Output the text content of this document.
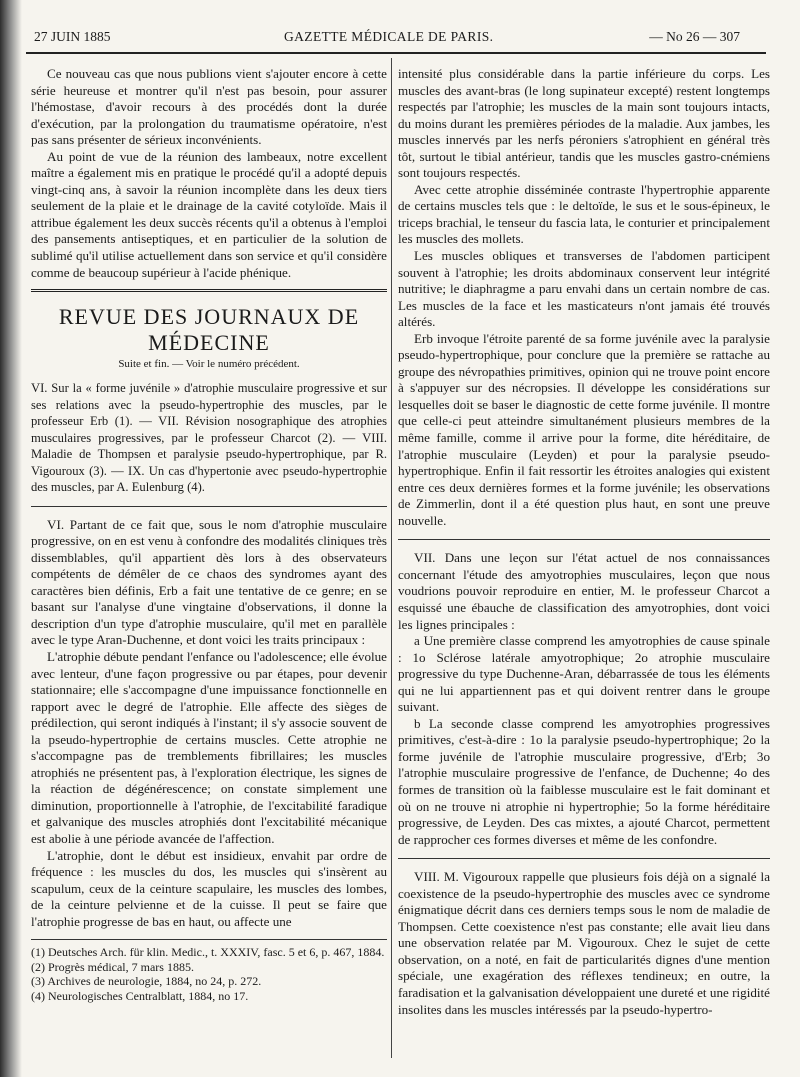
27 JUIN 1885	GAZETTE MÉDICALE DE PARIS.	— No 26 — 307

Ce nouveau cas que nous publions vient s'ajouter encore à cette série heureuse et montrer qu'il n'est pas besoin, pour assurer l'hémostase, d'avoir recours à des procédés dont la durée d'exécution, par la prolongation du traumatisme opératoire, n'est pas sans présenter de sérieux inconvénients.

Au point de vue de la réunion des lambeaux, notre excellent maître a également mis en pratique le procédé qu'il a adopté depuis vingt-cinq ans, à savoir la réunion incomplète dans les deux tiers seulement de la plaie et le drainage de la cavité cotyloïde. Mais il attribue également les deux succès récents qu'il a obtenus à l'emploi des pansements antiseptiques, et en particulier de la solution de sublimé qu'il utilise actuellement dans son service et qu'il considère comme de beaucoup supérieur à l'acide phénique.

REVUE DES JOURNAUX DE MÉDECINE
Suite et fin. — Voir le numéro précédent.

VI. Sur la « forme juvénile » d'atrophie musculaire progressive et sur ses relations avec la pseudo-hypertrophie des muscles, par le professeur Erb (1). — VII. Révision nosographique des atrophies musculaires progressives, par le professeur Charcot (2). — VIII. Maladie de Thompsen et paralysie pseudo-hypertrophique, par R. Vigouroux (3). — IX. Un cas d'hypertonie avec pseudo-hypertrophie des muscles, par A. Eulenburg (4).

VI. Partant de ce fait que, sous le nom d'atrophie musculaire progressive, on en est venu à confondre des modalités cliniques très dissemblables, qu'il appartient dès lors à des observateurs compétents de démêler de ce chaos des syndromes ayant des caractères bien définis, Erb a fait une tentative de ce genre; en se basant sur l'analyse d'une vingtaine d'observations, il donne la description d'un type d'atrophie musculaire, qu'il met en parallèle avec le type Aran-Duchenne, et dont voici les traits principaux :

L'atrophie débute pendant l'enfance ou l'adolescence; elle évolue avec lenteur, d'une façon progressive ou par étapes, pour devenir stationnaire; elle s'accompagne d'une impuissance fonctionnelle en rapport avec le degré de l'atrophie. Elle affecte des sièges de prédilection, qui seront indiqués à l'instant; il s'y associe souvent de la pseudo-hypertrophie de certains muscles. Cette atrophie ne s'accompagne pas de tremblements fibrillaires; les muscles atrophiés ne présentent pas, à l'exploration électrique, les signes de la réaction de dégénérescence; on constate simplement une diminution, proportionnelle à l'atrophie, de l'excitabilité faradique et galvanique des muscles atrophiés dont l'excitabilité mécanique est abolie à une période avancée de l'affection.

L'atrophie, dont le début est insidieux, envahit par ordre de fréquence : les muscles du dos, les muscles qui s'insèrent au scapulum, ceux de la ceinture scapulaire, les muscles des lombes, de la ceinture pelvienne et de la cuisse. Il peut se faire que l'atrophie progresse de bas en haut, ou affecte une

(1) Deutsches Arch. für klin. Medic., t. XXXIV, fasc. 5 et 6, p. 467, 1884.

(2) Progrès médical, 7 mars 1885.

(3) Archives de neurologie, 1884, no 24, p. 272.

(4) Neurologisches Centralblatt, 1884, no 17.

intensité plus considérable dans la partie inférieure du corps. Les muscles des avant-bras (le long supinateur excepté) restent longtemps respectés par l'atrophie; les muscles de la main sont toujours intacts, du moins durant les premières périodes de la maladie. Aux jambes, les muscles innervés par les nerfs péroniers s'atrophient en général très tôt, surtout le tibial antérieur, tandis que les muscles gastro-cnémiens sont toujours respectés.

Avec cette atrophie disséminée contraste l'hypertrophie apparente de certains muscles tels que : le deltoïde, le sus et le sous-épineux, le triceps brachial, le tenseur du fascia lata, le conturier et principalement les muscles des mollets.

Les muscles obliques et transverses de l'abdomen participent souvent à l'atrophie; les droits abdominaux conservent leur intégrité nutritive; le diaphragme a paru envahi dans un certain nombre de cas. Les muscles de la face et les masticateurs n'ont jamais été trouvés altérés.

Erb invoque l'étroite parenté de sa forme juvénile avec la paralysie pseudo-hypertrophique, pour conclure que la première se rattache au groupe des névropathies primitives, opinion qui ne trouve point encore à s'appuyer sur des nécropsies. Il développe les considérations sur lesquelles doit se baser le diagnostic de cette forme juvénile. Il montre que celle-ci peut atteindre simultanément plusieurs membres de la même famille, comme il arrive pour la forme, dite héréditaire, de l'atrophie musculaire (Leyden) et pour la paralysie pseudo-hypertrophique. Enfin il fait ressortir les étroites analogies qui existent entre ces deux dernières formes et la forme juvénile; les observations de Zimmerlin, dont il a été question plus haut, en sont une preuve nouvelle.

VII. Dans une leçon sur l'état actuel de nos connaissances concernant l'étude des amyotrophies musculaires, leçon que nous voudrions pouvoir reproduire en entier, M. le professeur Charcot a esquissé une ébauche de classification des amyotrophies, dont voici les lignes principales :

a Une première classe comprend les amyotrophies de cause spinale : 1o Sclérose latérale amyotrophique; 2o atrophie musculaire progressive du type Duchenne-Aran, débarrassée de tous les éléments qui ne lui appartiennent pas et qui doivent rentrer dans le groupe suivant.

b La seconde classe comprend les amyotrophies progressives primitives, c'est-à-dire : 1o la paralysie pseudo-hypertrophique; 2o la forme juvénile de l'atrophie musculaire progressive, d'Erb; 3o l'atrophie musculaire progressive de l'enfance, de Duchenne; 4o des formes de transition où la faiblesse musculaire est le fait dominant et où on ne trouve ni atrophie ni hypertrophie; 5o la forme héréditaire progressive, de Leyden. Des cas mixtes, a ajouté Charcot, permettent de rapprocher ces formes diverses et même de les confondre.

VIII. M. Vigouroux rappelle que plusieurs fois déjà on a signalé la coexistence de la pseudo-hypertrophie des muscles avec ce syndrome énigmatique décrit dans ces derniers temps sous le nom de maladie de Thompsen. Cette coexistence n'est pas constante; elle avait lieu dans une observation relatée par M. Vigouroux. Chez le sujet de cette observation, on a noté, en fait de particularités dignes d'une mention spéciale, une exagération des réflexes tendineux; en outre, la faradisation et la galvanisation développaient une dureté et une rigidité insolites dans les muscles intéressés par la pseudo-hypertro-
